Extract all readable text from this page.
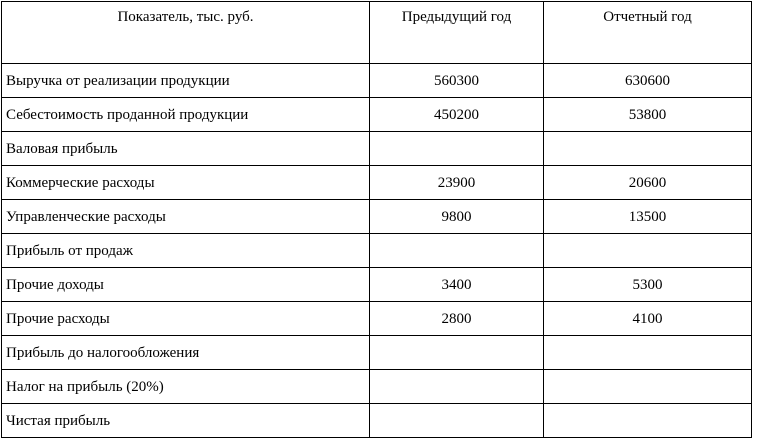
Показатель, тыс. руб.	Предыдущий год	Отчетный год
Выручка от реализации продукции	560300	630600
Себестоимость проданной продукции	450200	53800
Валовая прибыль		
Коммерческие расходы	23900	20600
Управленческие расходы	9800	13500
Прибыль от продаж		
Прочие доходы	3400	5300
Прочие расходы	2800	4100
Прибыль до налогообложения		
Налог на прибыль (20%)		
Чистая прибыль		
